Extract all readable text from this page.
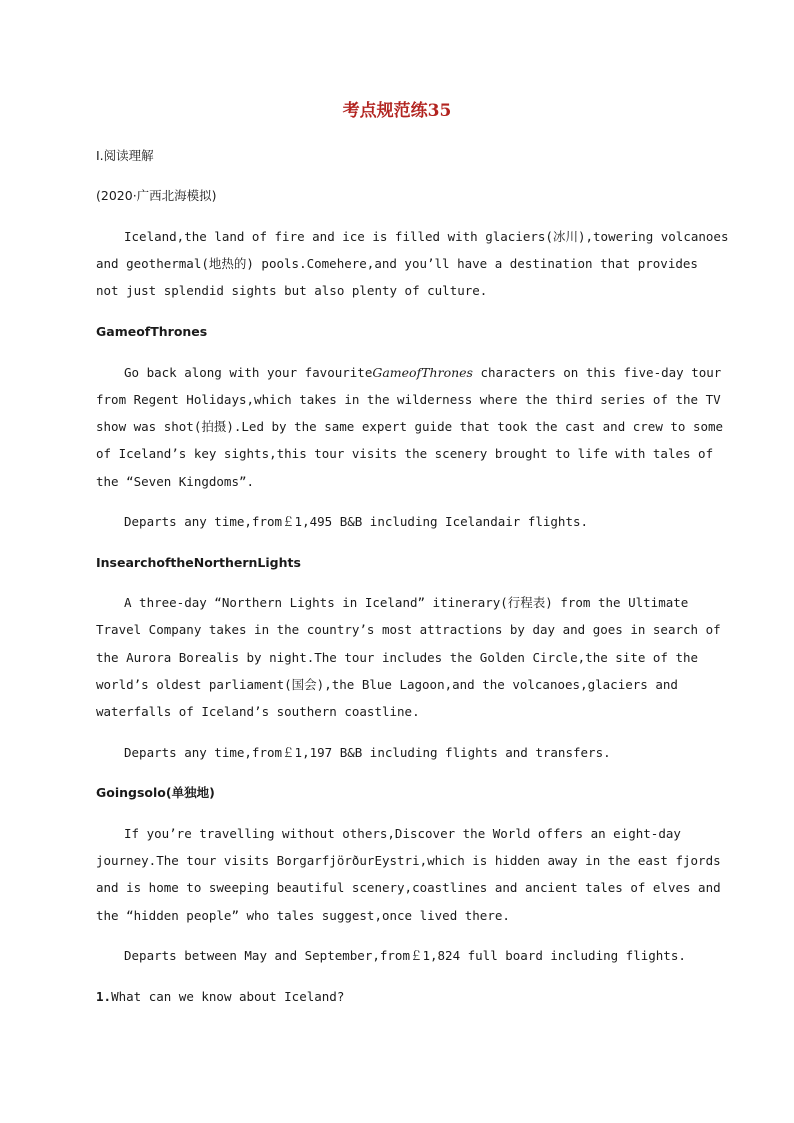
考点规范练35
Ⅰ.阅读理解
(2020·广西北海模拟)
Iceland,the land of fire and ice is filled with glaciers(冰川),towering volcanoes
and geothermal(地热的) pools.Comehere,and you’ll have a destination that provides
not just splendid sights but also plenty of culture.
GameofThrones
Go back along with your favouriteGameofThrones characters on this five-day tour
from Regent Holidays,which takes in the wilderness where the third series of the TV
show was shot(拍摄).Led by the same expert guide that took the cast and crew to some
of Iceland’s key sights,this tour visits the scenery brought to life with tales of
the “Seven Kingdoms”.
Departs any time,from￡1,495 B&B including Icelandair flights.
InsearchoftheNorthernLights
A three-day “Northern Lights in Iceland” itinerary(行程表) from the Ultimate
Travel Company takes in the country’s most attractions by day and goes in search of
the Aurora Borealis by night.The tour includes the Golden Circle,the site of the
world’s oldest parliament(国会),the Blue Lagoon,and the volcanoes,glaciers and
waterfalls of Iceland’s southern coastline.
Departs any time,from￡1,197 B&B including flights and transfers.
Goingsolo(单独地)
If you’re travelling without others,Discover the World offers an eight-day
journey.The tour visits BorgarfjörðurEystri,which is hidden away in the east fjords
and is home to sweeping beautiful scenery,coastlines and ancient tales of elves and
the “hidden people” who tales suggest,once lived there.
Departs between May and September,from￡1,824 full board including flights.
1.What can we know about Iceland?
